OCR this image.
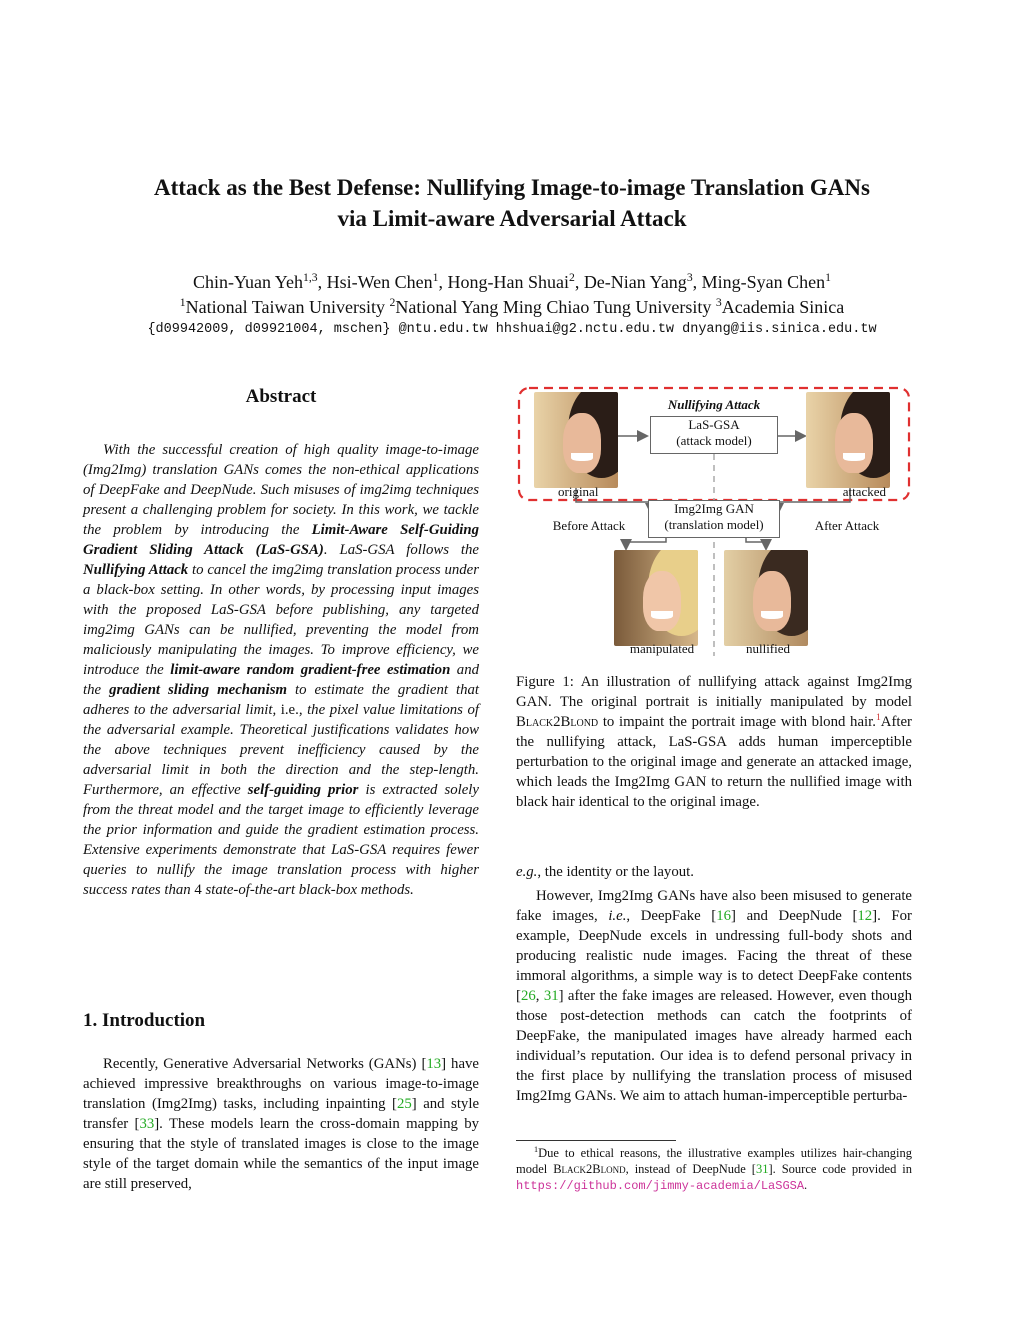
Attack as the Best Defense: Nullifying Image-to-image Translation GANs
via Limit-aware Adversarial Attack
Chin-Yuan Yeh$^{1,3}$, Hsi-Wen Chen$^1$, Hong-Han Shuai$^2$, De-Nian Yang$^3$, Ming-Syan Chen$^1$
$^1$National Taiwan University $^2$National Yang Ming Chiao Tung University $^3$Academia Sinica
{d09942009, d09921004, mschen} @ntu.edu.tw hhshuai@g2.nctu.edu.tw dnyang@iis.sinica.edu.tw
Abstract

With the successful creation of high quality image-to-image (Img2Img) translation GANs comes the non-ethical applications of DeepFake and DeepNude. Such misuses of img2img techniques present a challenging problem for society. In this work, we tackle the problem by introducing the Limit-Aware Self-Guiding Gradient Sliding Attack (LaS-GSA). LaS-GSA follows the Nullifying Attack to cancel the img2img translation process under a black-box setting. In other words, by processing input images with the proposed LaS-GSA before publishing, any targeted img2img GANs can be nullified, preventing the model from maliciously manipulating the images. To improve efficiency, we introduce the limit-aware random gradient-free estimation and the gradient sliding mechanism to estimate the gradient that adheres to the adversarial limit, i.e., the pixel value limitations of the adversarial example. Theoretical justifications validates how the above techniques prevent inefficiency caused by the adversarial limit in both the direction and the step-length. Furthermore, an effective self-guiding prior is extracted solely from the threat model and the target image to efficiently leverage the prior information and guide the gradient estimation process. Extensive experiments demonstrate that LaS-GSA requires fewer queries to nullify the image translation process with higher success rates than 4 state-of-the-art black-box methods.

1. Introduction

Recently, Generative Adversarial Networks (GANs) [13] have achieved impressive breakthroughs on various image-to-image translation (Img2Img) tasks, including inpainting [25] and style transfer [33]. These models learn the cross-domain mapping by ensuring that the style of translated images is close to the image style of the target domain while the semantics of the input image are still preserved,

Nullifying Attack
LaS-GSA
(attack model)
Img2Img GAN
(translation model)
original	attacked
Before Attack	After Attack
manipulated	nullified

Figure 1: An illustration of nullifying attack against Img2Img GAN. The original portrait is initially manipulated by model Black2Blond to impaint the portrait image with blond hair.$^1$After the nullifying attack, LaS-GSA adds human imperceptible perturbation to the original image and generate an attacked image, which leads the Img2Img GAN to return the nullified image with black hair identical to the original image.

e.g., the identity or the layout.

However, Img2Img GANs have also been misused to generate fake images, i.e., DeepFake [16] and DeepNude [12]. For example, DeepNude excels in undressing full-body shots and producing realistic nude images. Facing the threat of these immoral algorithms, a simple way is to detect DeepFake contents [26, 31] after the fake images are released. However, even though those post-detection methods can catch the footprints of DeepFake, the manipulated images have already harmed each individual’s reputation. Our idea is to defend personal privacy in the first place by nullifying the translation process of misused Img2Img GANs. We aim to attach human-imperceptible perturba-

$^1$Due to ethical reasons, the illustrative examples utilizes hair-changing model Black2Blond, instead of DeepNude [31]. Source code provided in https://github.com/jimmy-academia/LaSGSA.
